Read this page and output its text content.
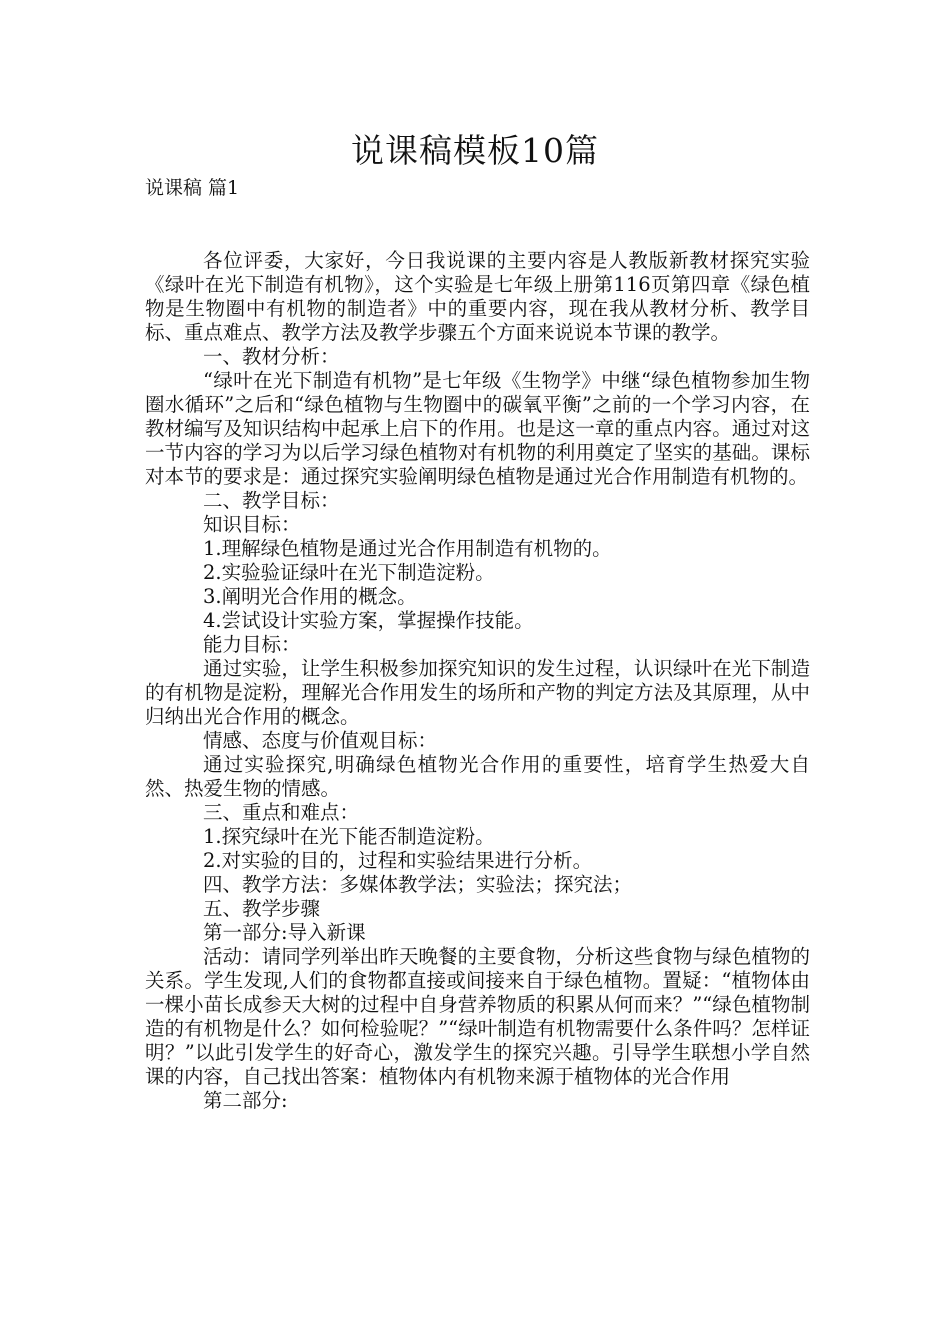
说课稿模板10篇
说课稿 篇1

各位评委，大家好，今日我说课的主要内容是人教版新教材探究实验《绿叶在光下制造有机物》，这个实验是七年级上册第116页第四章《绿色植物是生物圈中有机物的制造者》中的重要内容，现在我从教材分析、教学目标、重点难点、教学方法及教学步骤五个方面来说说本节课的教学。

一、教材分析：

“绿叶在光下制造有机物”是七年级《生物学》中继“绿色植物参加生物圈水循环”之后和“绿色植物与生物圈中的碳氧平衡”之前的一个学习内容，在教材编写及知识结构中起承上启下的作用。也是这一章的重点内容。通过对这一节内容的学习为以后学习绿色植物对有机物的利用奠定了坚实的基础。课标对本节的要求是：通过探究实验阐明绿色植物是通过光合作用制造有机物的。

二、教学目标：

知识目标：

1.理解绿色植物是通过光合作用制造有机物的。

2.实验验证绿叶在光下制造淀粉。

3.阐明光合作用的概念。

4.尝试设计实验方案，掌握操作技能。

能力目标：

通过实验，让学生积极参加探究知识的发生过程，认识绿叶在光下制造的有机物是淀粉，理解光合作用发生的场所和产物的判定方法及其原理，从中归纳出光合作用的概念。

情感、态度与价值观目标：

通过实验探究,明确绿色植物光合作用的重要性，培育学生热爱大自然、热爱生物的情感。

三、重点和难点：

1.探究绿叶在光下能否制造淀粉。

2.对实验的目的，过程和实验结果进行分析。

四、教学方法：多媒体教学法；实验法；探究法；

五、教学步骤

第一部分:导入新课

活动：请同学列举出昨天晚餐的主要食物，分析这些食物与绿色植物的关系。学生发现,人们的食物都直接或间接来自于绿色植物。置疑：“植物体由一棵小苗长成参天大树的过程中自身营养物质的积累从何而来？”“绿色植物制造的有机物是什么？如何检验呢？”“绿叶制造有机物需要什么条件吗？怎样证明？”以此引发学生的好奇心，激发学生的探究兴趣。引导学生联想小学自然课的内容，自己找出答案：植物体内有机物来源于植物体的光合作用

第二部分:
